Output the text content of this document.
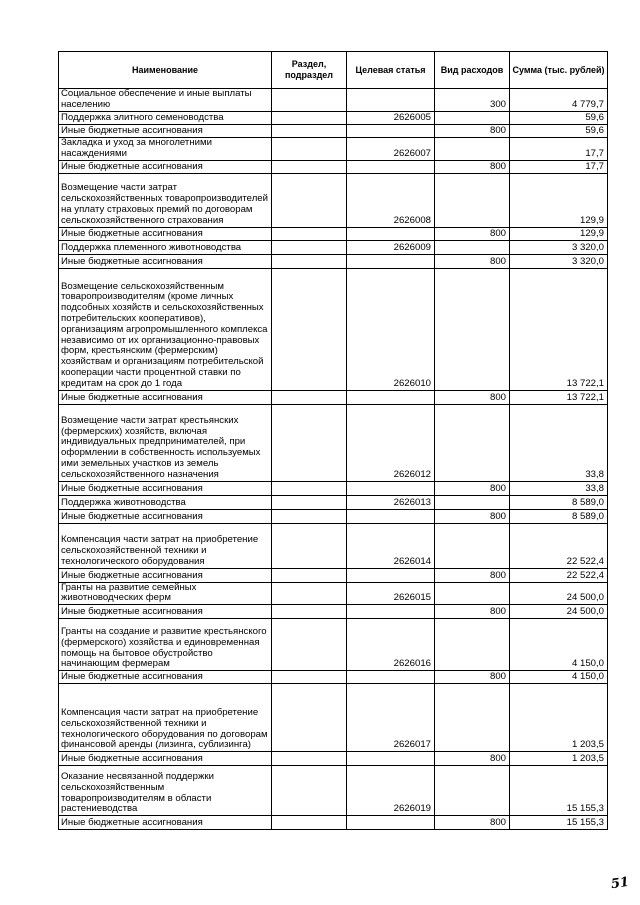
Наименование	Раздел, подраздел	Целевая статья	Вид расходов	Сумма (тыс. рублей)
Социальное обеспечение и иные выплаты населению			300	4 779,7
Поддержка элитного семеноводства		2626005		59,6
Иные бюджетные ассигнования			800	59,6
Закладка и уход за многолетними насаждениями		2626007		17,7
Иные бюджетные ассигнования			800	17,7
Возмещение части затрат сельскохозяйственных товаропроизводителей на уплату страховых премий по договорам сельскохозяйственного страхования		2626008		129,9
Иные бюджетные ассигнования			800	129,9
Поддержка племенного животноводства		2626009		3 320,0
Иные бюджетные ассигнования			800	3 320,0
Возмещение сельскохозяйственным товаропроизводителям (кроме личных подсобных хозяйств и сельскохозяйственных потребительских кооперативов), организациям агропромышленного комплекса независимо от их организационно-правовых форм, крестьянским (фермерским) хозяйствам и организациям потребительской кооперации части процентной ставки по кредитам на срок до 1 года		2626010		13 722,1
Иные бюджетные ассигнования			800	13 722,1
Возмещение части затрат крестьянских (фермерских) хозяйств, включая индивидуальных предпринимателей, при оформлении в собственность используемых ими земельных участков из земель сельскохозяйственного назначения		2626012		33,8
Иные бюджетные ассигнования			800	33,8
Поддержка животноводства		2626013		8 589,0
Иные бюджетные ассигнования			800	8 589,0
Компенсация части затрат на приобретение сельскохозяйственной техники и технологического оборудования		2626014		22 522,4
Иные бюджетные ассигнования			800	22 522,4
Гранты на развитие семейных животноводческих ферм		2626015		24 500,0
Иные бюджетные ассигнования			800	24 500,0
Гранты на создание и развитие крестьянского (фермерского) хозяйства и единовременная помощь на бытовое обустройство начинающим фермерам		2626016		4 150,0
Иные бюджетные ассигнования			800	4 150,0
Компенсация части затрат на приобретение сельскохозяйственной техники и технологического оборудования по договорам финансовой аренды (лизинга, сублизинга)		2626017		1 203,5
Иные бюджетные ассигнования			800	1 203,5
Оказание несвязанной поддержки сельскохозяйственным товаропроизводителям в области растениеводства		2626019		15 155,3
Иные бюджетные ассигнования			800	15 155,3
51
